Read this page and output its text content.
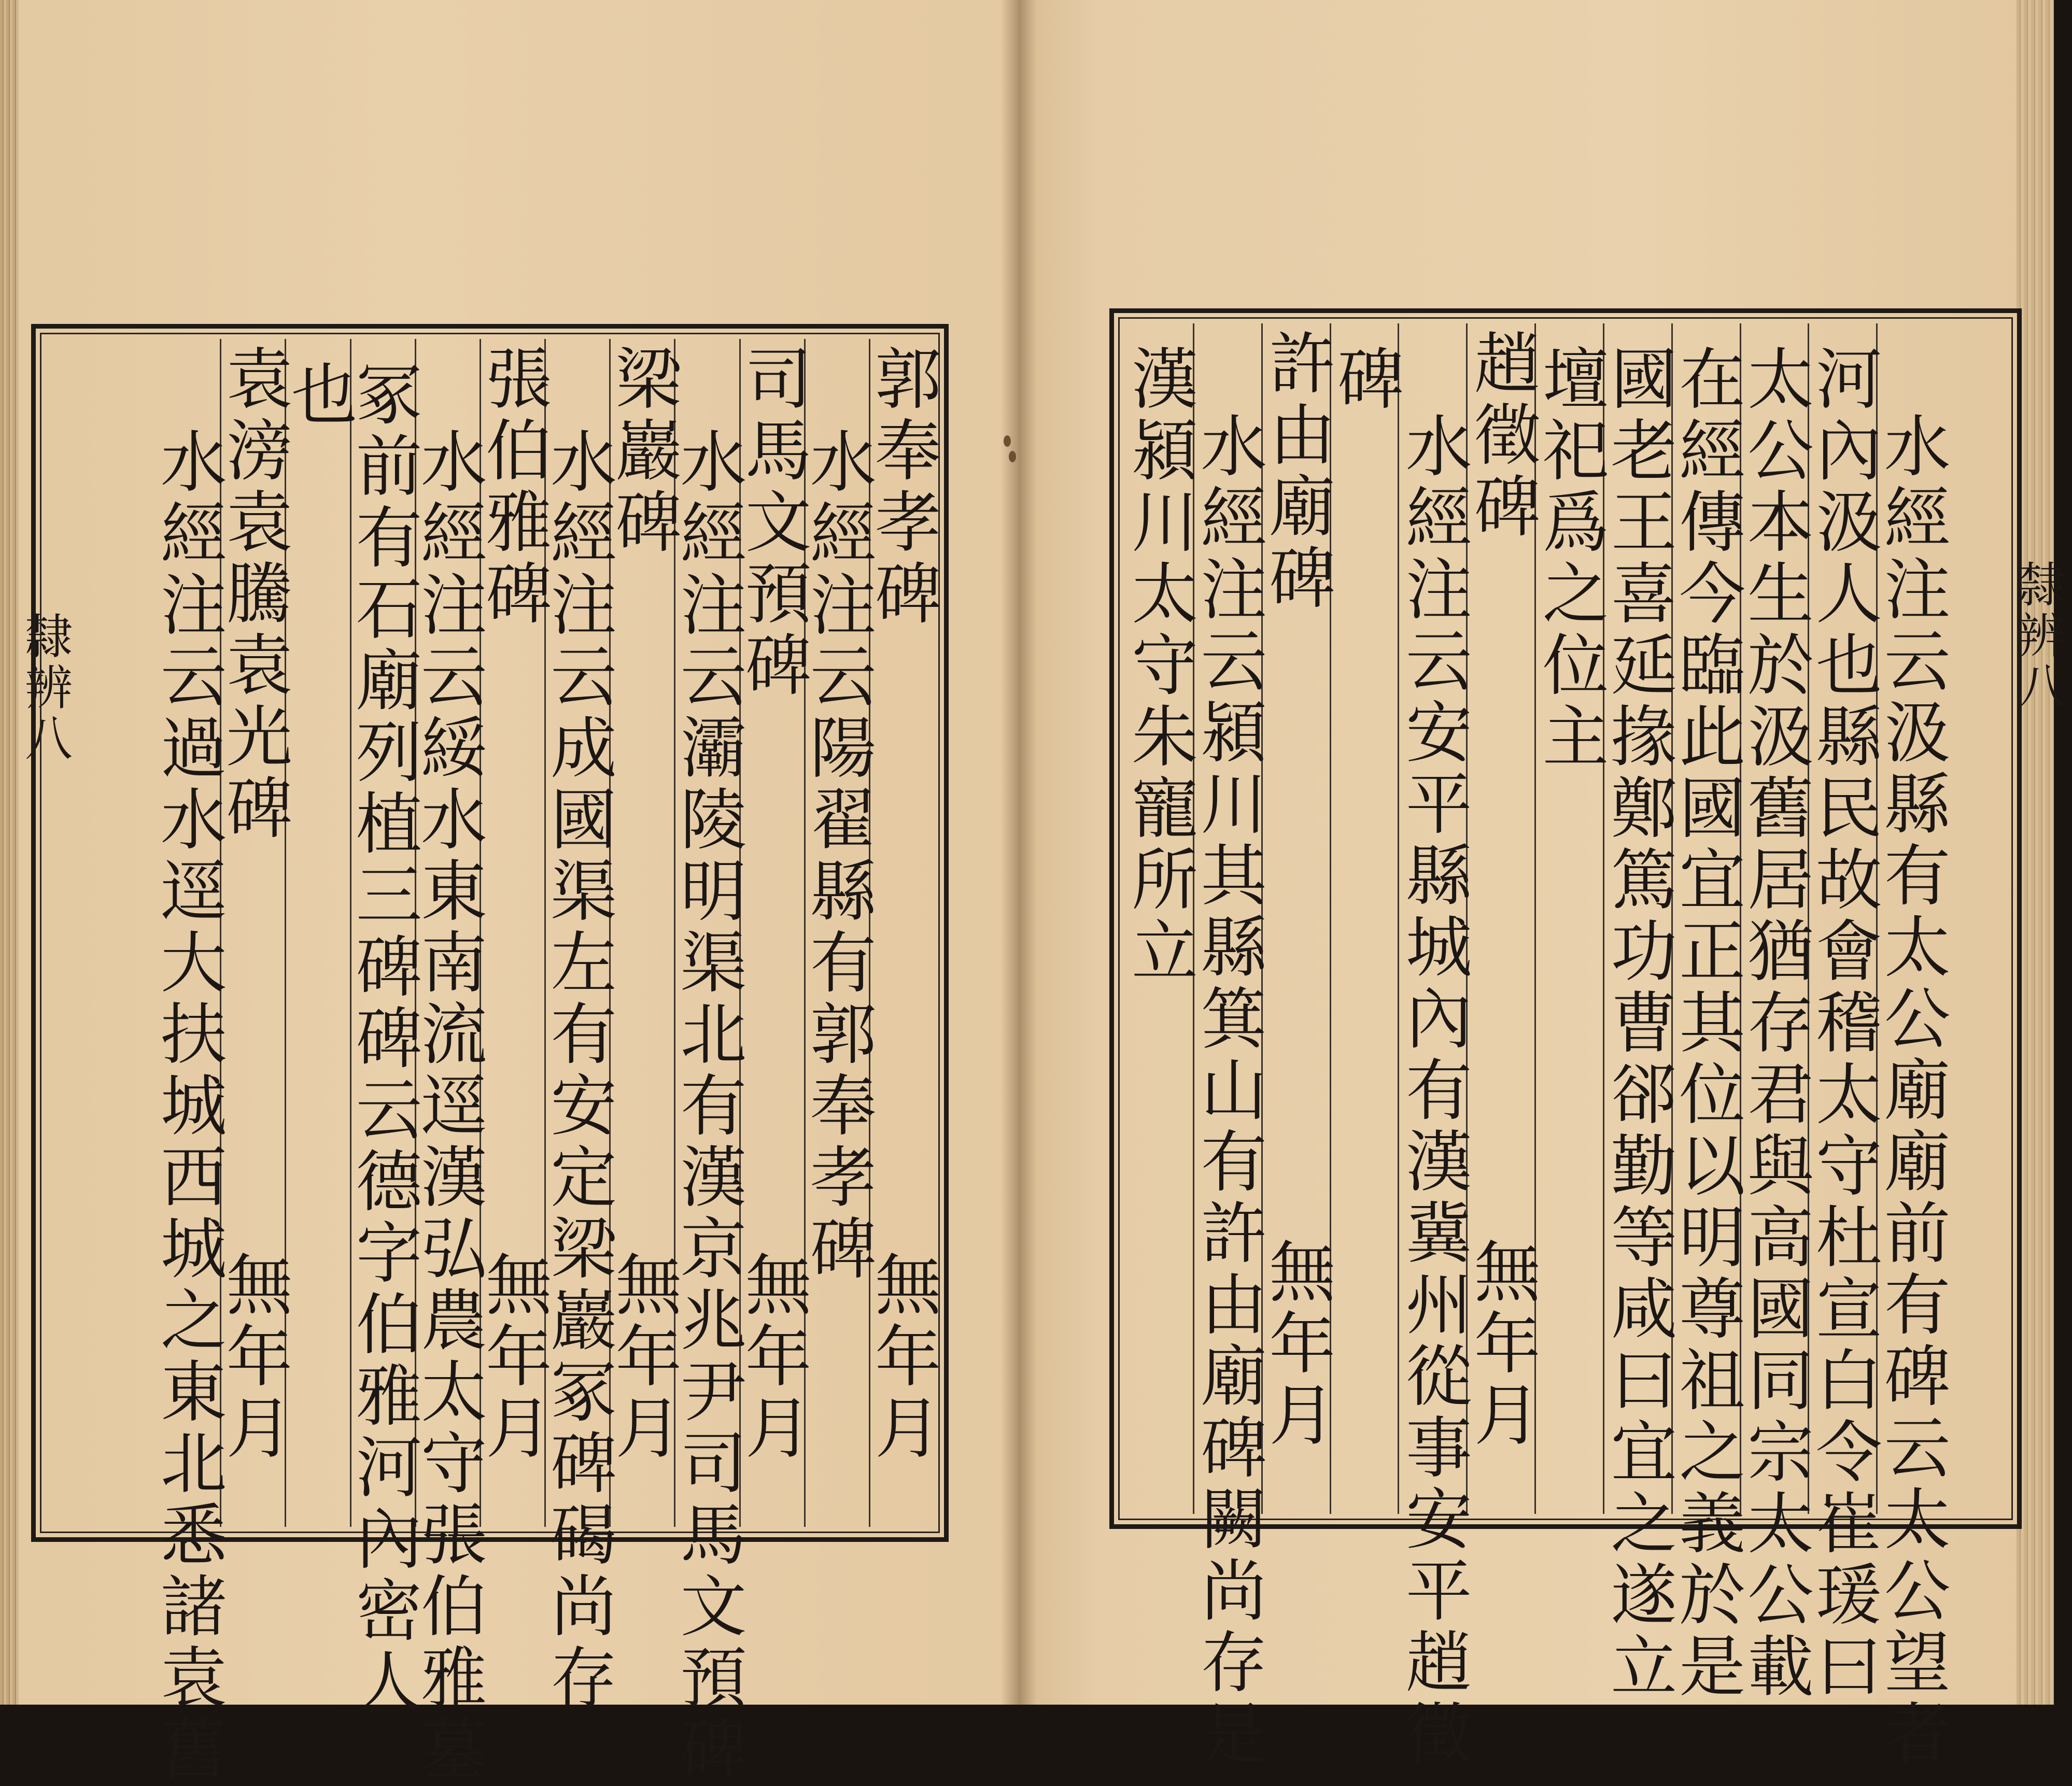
隸辨八	隸辨八
郭奉孝碑
無年月
水經注云陽翟縣有郭奉孝碑
司馬文預碑
無年月
水經注云灞陵明渠北有漢京兆尹司馬文預碑
梁巖碑
無年月
水經注云成國渠左有安定梁巖冢碑碣尚存
張伯雅碑
無年月
水經注云綏水東南流逕漢弘農太守張伯雅墓
冢前有石廟列植三碑碑云德字伯雅河內密人
也
袁滂袁騰袁光碑
無年月
水經注云過水逕大扶城西城之東北悉諸袁舊	水經注云汲縣有太公廟廟前有碑云太公望者
河內汲人也縣民故會稽太守杜宣白令崔瑗曰
太公本生於汲舊居猶存君與高國同宗太公載
在經傳今臨此國宜正其位以明尊祖之義於是
國老王喜延掾鄭篤功曹郤勤等咸曰宜之遂立
壇祀爲之位主
趙徵碑
無年月
水經注云安平縣城內有漢冀州從事安平趙徵
碑
許由廟碑
無年月
水經注云潁川其縣箕山有許由廟碑闕尚存是
漢潁川太守朱寵所立
